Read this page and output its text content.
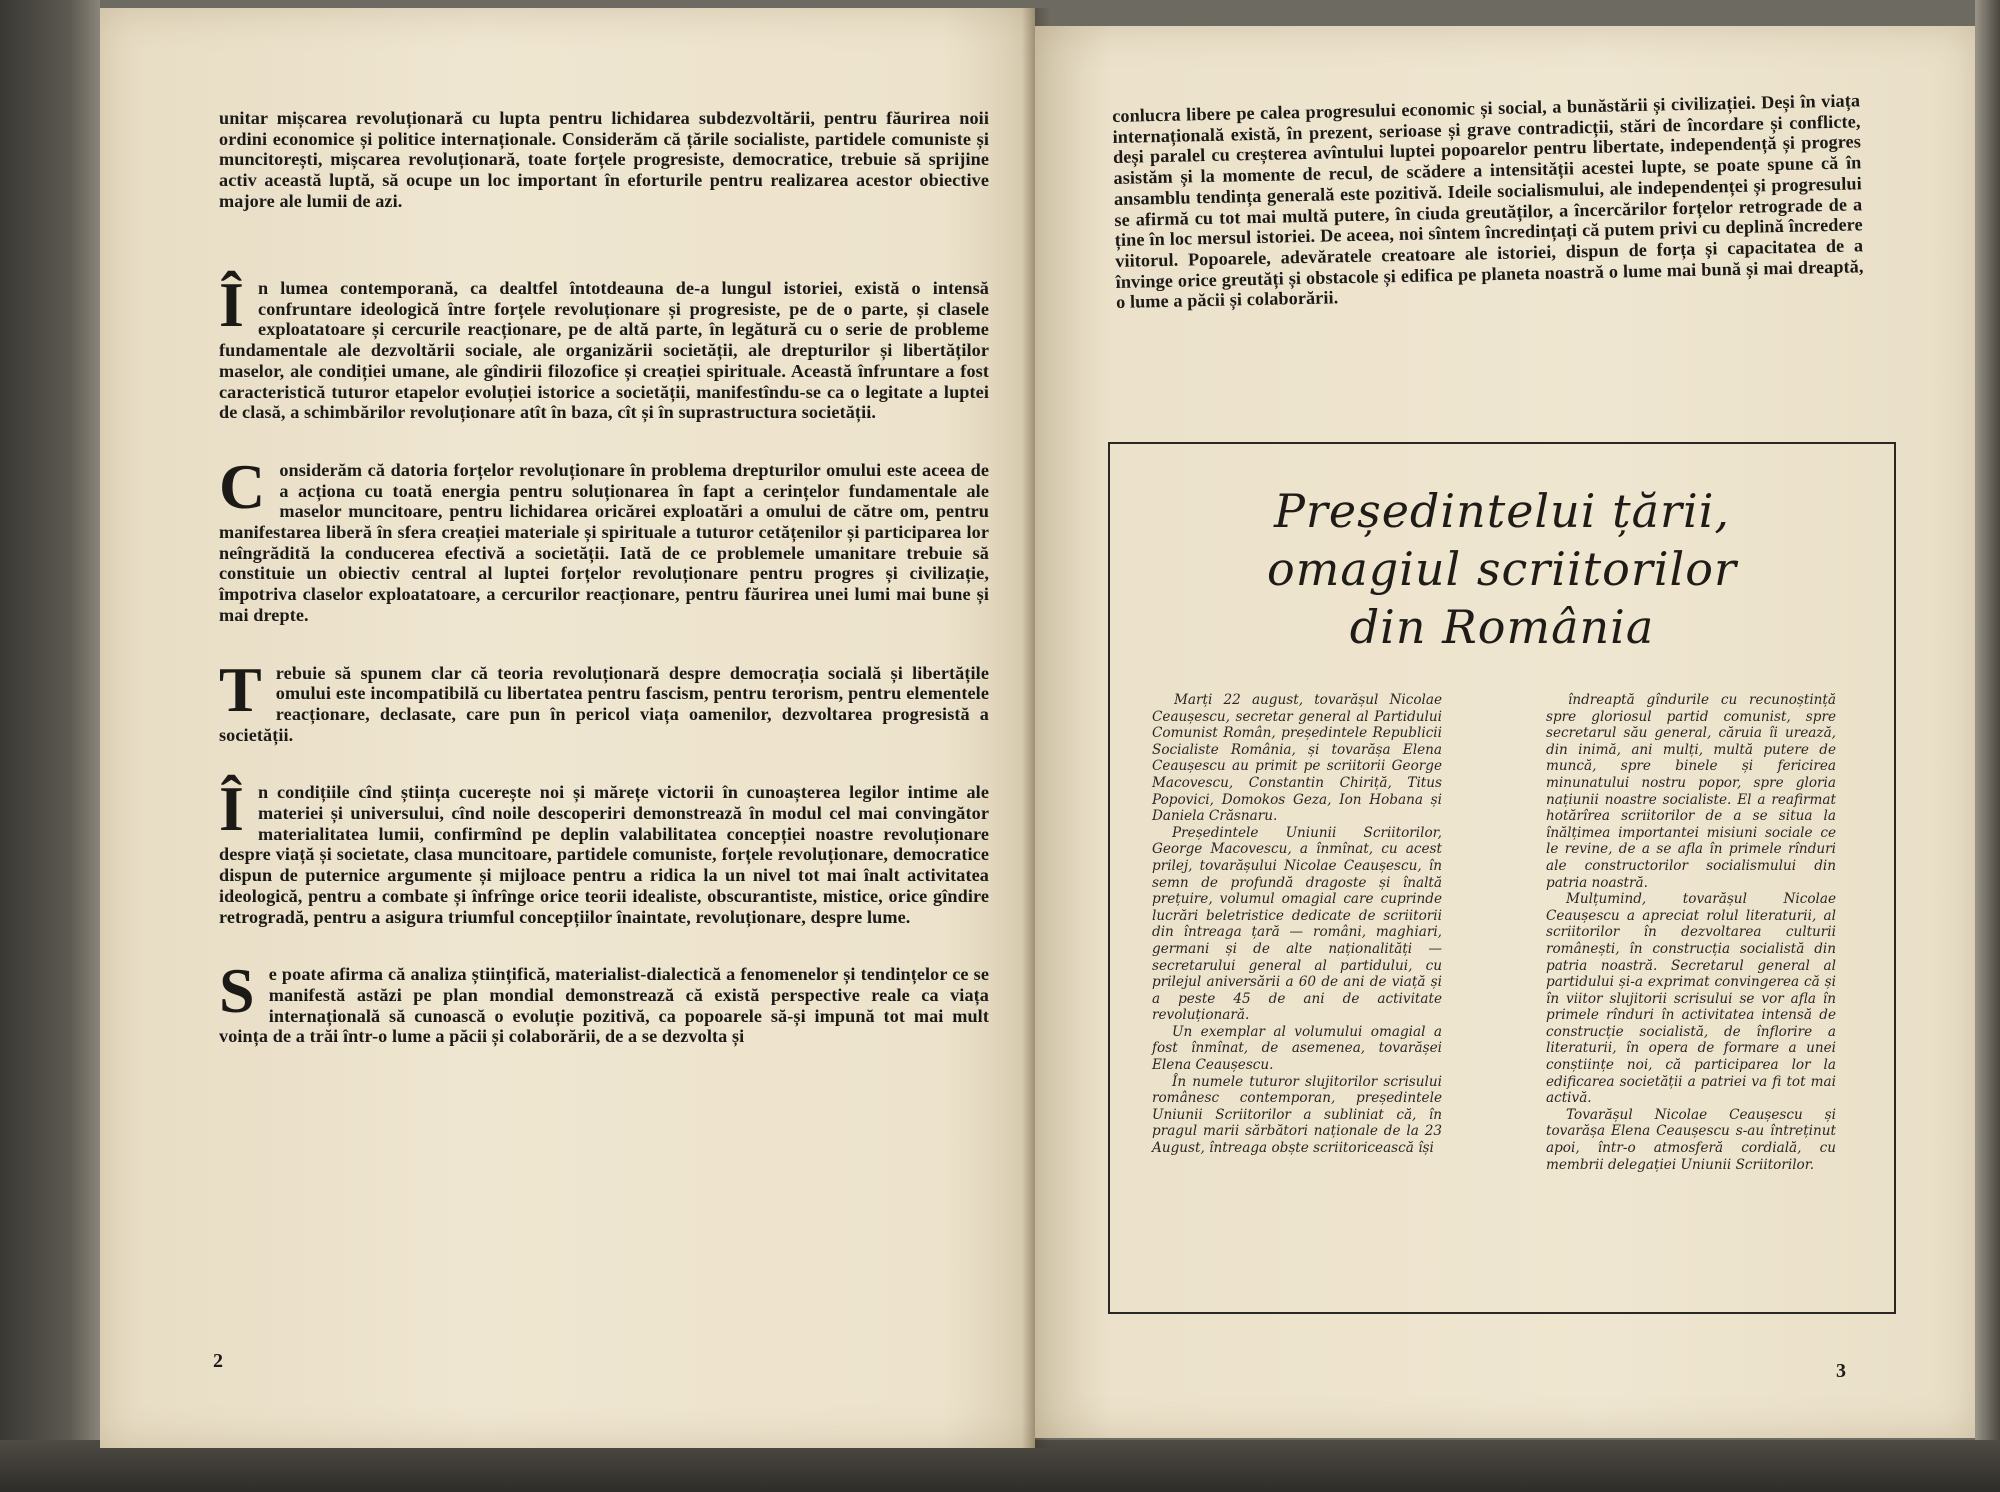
unitar mișcarea revoluționară cu lupta pentru lichidarea subdezvoltării, pentru făurirea noii ordini economice și politice internaționale. Considerăm că țările socialiste, partidele comuniste și muncitorești, mișcarea revoluționară, toate forțele progresiste, democratice, trebuie să sprijine activ această luptă, să ocupe un loc important în eforturile pentru realizarea acestor obiective majore ale lumii de azi.
Î n lumea contemporană, ca dealtfel întotdeauna de-a lungul istoriei, există o intensă confruntare ideologică între forțele revoluționare și progresiste, pe de o parte, și clasele exploatatoare și cercurile reacționare, pe de altă parte, în legătură cu o serie de probleme fundamentale ale dezvoltării sociale, ale organizării societății, ale drepturilor și libertăților maselor, ale condiției umane, ale gîndirii filozofice și creației spirituale. Această înfruntare a fost caracteristică tuturor etapelor evoluției istorice a societății, manifestîndu-se ca o legitate a luptei de clasă, a schimbărilor revoluționare atît în baza, cît și în suprastructura societății.
C onsiderăm că datoria forțelor revoluționare în problema drepturilor omului este aceea de a acționa cu toată energia pentru soluționarea în fapt a cerințelor fundamentale ale maselor muncitoare, pentru lichidarea oricărei exploatări a omului de către om, pentru manifestarea liberă în sfera creației materiale și spirituale a tuturor cetățenilor și participarea lor neîngrădită la conducerea efectivă a societății. Iată de ce problemele umanitare trebuie să constituie un obiectiv central al luptei forțelor revoluționare pentru progres și civilizație, împotriva claselor exploatatoare, a cercurilor reacționare, pentru făurirea unei lumi mai bune și mai drepte.
T rebuie să spunem clar că teoria revoluționară despre democrația socială și libertățile omului este incompatibilă cu libertatea pentru fascism, pentru terorism, pentru elementele reacționare, declasate, care pun în pericol viața oamenilor, dezvoltarea progresistă a societății.
Î n condițiile cînd știința cucerește noi și mărețe victorii în cunoașterea legilor intime ale materiei și universului, cînd noile descoperiri demonstrează în modul cel mai convingător materialitatea lumii, confirmînd pe deplin valabilitatea concepției noastre revoluționare despre viață și societate, clasa muncitoare, partidele comuniste, forțele revoluționare, democratice dispun de puternice argumente și mijloace pentru a ridica la un nivel tot mai înalt activitatea ideologică, pentru a combate și înfrînge orice teorii idealiste, obscurantiste, mistice, orice gîndire retrogradă, pentru a asigura triumful concepțiilor înaintate, revoluționare, despre lume.
S e poate afirma că analiza științifică, materialist-dialectică a fenomenelor și tendințelor ce se manifestă astăzi pe plan mondial demonstrează că există perspective reale ca viața internațională să cunoască o evoluție pozitivă, ca popoarele să-și impună tot mai mult voința de a trăi într-o lume a păcii și colaborării, de a se dezvolta și
2
conlucra libere pe calea progresului economic și social, a bunăstării și civilizației. Deși în viața internațională există, în prezent, serioase și grave contradicții, stări de încordare și conflicte, deși paralel cu creșterea avîntului luptei popoarelor pentru libertate, independență și progres asistăm și la momente de recul, de scădere a intensității acestei lupte, se poate spune că în ansamblu tendința generală este pozitivă. Ideile socialismului, ale independenței și progresului se afirmă cu tot mai multă putere, în ciuda greutăților, a încercărilor forțelor retrograde de a ține în loc mersul istoriei. De aceea, noi sîntem încredințați că putem privi cu deplină încredere viitorul. Popoarele, adevăratele creatoare ale istoriei, dispun de forța și capacitatea de a învinge orice greutăți și obstacole și edifica pe planeta noastră o lume mai bună și mai dreaptă, o lume a păcii și colaborării.
Președintelui țării,
omagiul scriitorilor
din România

Marți 22 august, tovarășul Nicolae Ceaușescu, secretar general al Partidului Comunist Român, președintele Republicii Socialiste România, și tovarășa Elena Ceaușescu au primit pe scriitorii George Macovescu, Constantin Chiriță, Titus Popovici, Domokos Geza, Ion Hobana și Daniela Crăsnaru.

Președintele Uniunii Scriitorilor, George Macovescu, a înmînat, cu acest prilej, tovarășului Nicolae Ceaușescu, în semn de profundă dragoste și înaltă prețuire, volumul omagial care cuprinde lucrări beletristice dedicate de scriitorii din întreaga țară — români, maghiari, germani și de alte naționalități — secretarului general al partidului, cu prilejul aniversării a 60 de ani de viață și a peste 45 de ani de activitate revoluționară.

Un exemplar al volumului omagial a fost înmînat, de asemenea, tovarășei Elena Ceaușescu.

În numele tuturor slujitorilor scrisului românesc contemporan, președintele Uniunii Scriitorilor a subliniat că, în pragul marii sărbători naționale de la 23 August, întreaga obște scriitoricească își

îndreaptă gîndurile cu recunoștință spre gloriosul partid comunist, spre secretarul său general, căruia îi urează, din inimă, ani mulți, multă putere de muncă, spre binele și fericirea minunatului nostru popor, spre gloria națiunii noastre socialiste. El a reafirmat hotărîrea scriitorilor de a se situa la înălțimea importantei misiuni sociale ce le revine, de a se afla în primele rînduri ale constructorilor socialismului din patria noastră.

Mulțumind, tovarășul Nicolae Ceaușescu a apreciat rolul literaturii, al scriitorilor în dezvoltarea culturii românești, în construcția socialistă din patria noastră. Secretarul general al partidului și-a exprimat convingerea că și în viitor slujitorii scrisului se vor afla în primele rînduri în activitatea intensă de construcție socialistă, de înflorire a literaturii, în opera de formare a unei conștiințe noi, că participarea lor la edificarea societății a patriei va fi tot mai activă.

Tovarășul Nicolae Ceaușescu și tovarășa Elena Ceaușescu s-au întreținut apoi, într-o atmosferă cordială, cu membrii delegației Uniunii Scriitorilor.

3
